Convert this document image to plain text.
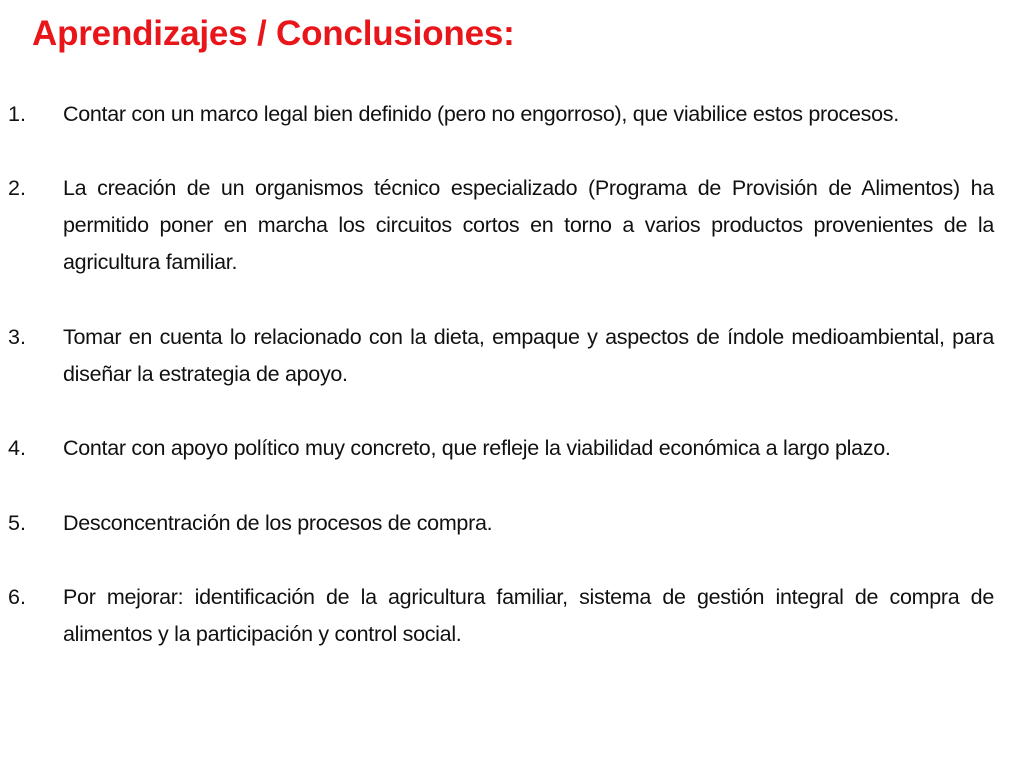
Aprendizajes / Conclusiones:
1.	Contar con un marco legal bien definido (pero no engorroso), que viabilice estos procesos.
2.	La creación de un organismos técnico especializado (Programa de Provisión de Alimentos) ha permitido poner en marcha los circuitos cortos en torno a varios productos provenientes de la agricultura familiar.
3.	Tomar en cuenta lo relacionado con la dieta, empaque y aspectos de índole medioambiental, para diseñar la estrategia de apoyo.
4.	Contar con apoyo político muy concreto, que refleje la viabilidad económica a largo plazo.
5.	Desconcentración de los procesos de compra.
6.	Por mejorar: identificación de la agricultura familiar, sistema de gestión integral de compra de alimentos y la participación y control social.
